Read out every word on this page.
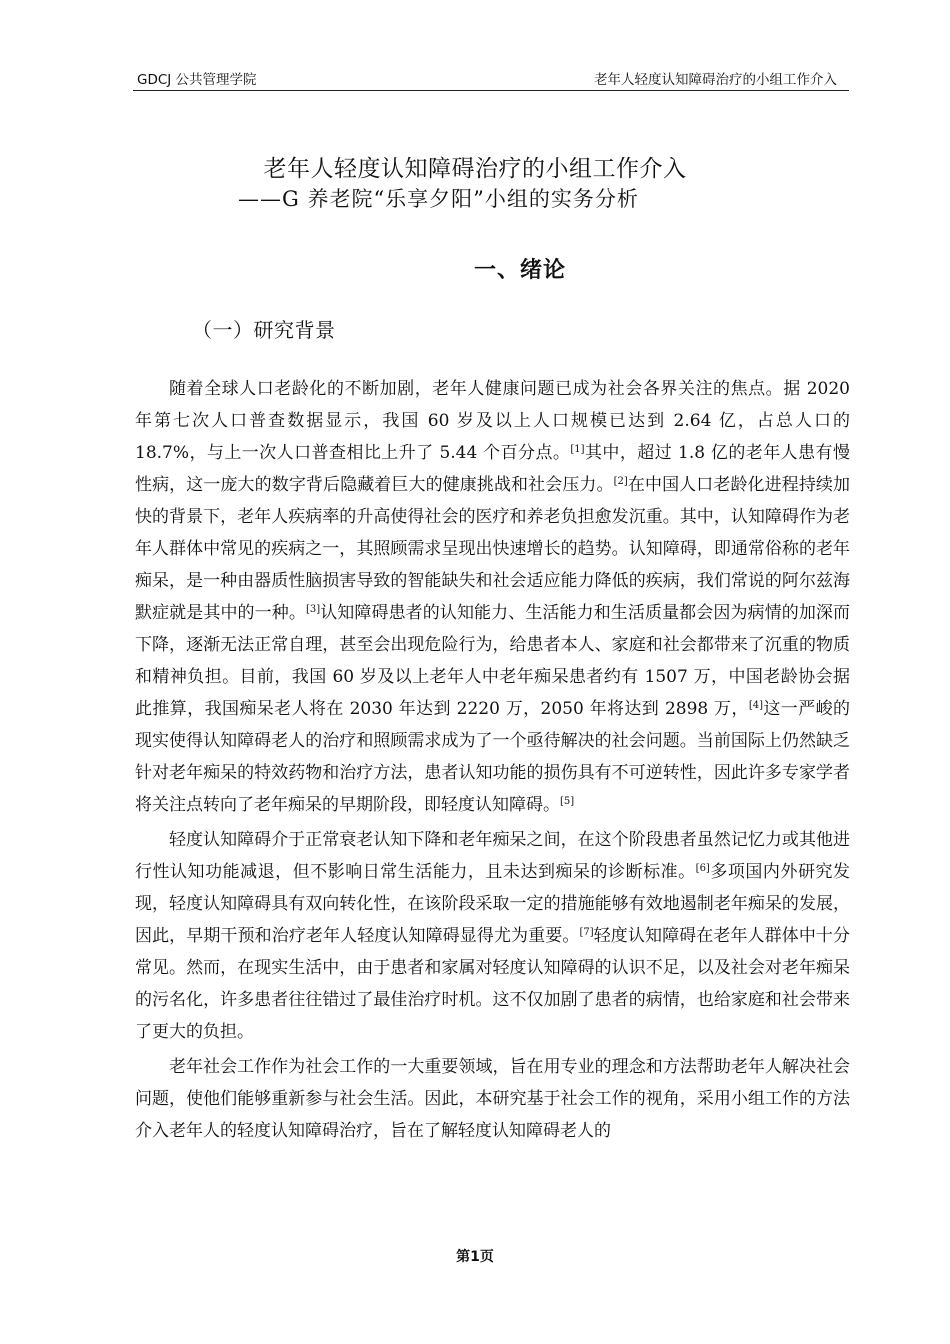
GDCJ 公共管理学院	老年人轻度认知障碍治疗的小组工作介入
老年人轻度认知障碍治疗的小组工作介入
——G 养老院“乐享夕阳”小组的实务分析
一、绪论
（一）研究背景

随着全球人口老龄化的不断加剧，老年人健康问题已成为社会各界关注的焦点。据 2020 年第七次人口普查数据显示，我国 60 岁及以上人口规模已达到 2.64 亿，占总人口的 18.7%，与上一次人口普查相比上升了 5.44 个百分点。[1]其中，超过 1.8 亿的老年人患有慢性病，这一庞大的数字背后隐藏着巨大的健康挑战和社会压力。[2]在中国人口老龄化进程持续加快的背景下，老年人疾病率的升高使得社会的医疗和养老负担愈发沉重。其中，认知障碍作为老年人群体中常见的疾病之一，其照顾需求呈现出快速增长的趋势。认知障碍，即通常俗称的老年痴呆，是一种由器质性脑损害导致的智能缺失和社会适应能力降低的疾病，我们常说的阿尔兹海默症就是其中的一种。[3]认知障碍患者的认知能力、生活能力和生活质量都会因为病情的加深而下降，逐渐无法正常自理，甚至会出现危险行为，给患者本人、家庭和社会都带来了沉重的物质和精神负担。目前，我国 60 岁及以上老年人中老年痴呆患者约有 1507 万，中国老龄协会据此推算，我国痴呆老人将在 2030 年达到 2220 万，2050 年将达到 2898 万，[4]这一严峻的现实使得认知障碍老人的治疗和照顾需求成为了一个亟待解决的社会问题。当前国际上仍然缺乏针对老年痴呆的特效药物和治疗方法，患者认知功能的损伤具有不可逆转性，因此许多专家学者将关注点转向了老年痴呆的早期阶段，即轻度认知障碍。[5]

轻度认知障碍介于正常衰老认知下降和老年痴呆之间，在这个阶段患者虽然记忆力或其他进行性认知功能减退，但不影响日常生活能力，且未达到痴呆的诊断标准。[6]多项国内外研究发现，轻度认知障碍具有双向转化性，在该阶段采取一定的措施能够有效地遏制老年痴呆的发展，因此，早期干预和治疗老年人轻度认知障碍显得尤为重要。[7]轻度认知障碍在老年人群体中十分常见。然而，在现实生活中，由于患者和家属对轻度认知障碍的认识不足，以及社会对老年痴呆的污名化，许多患者往往错过了最佳治疗时机。这不仅加剧了患者的病情，也给家庭和社会带来了更大的负担。

老年社会工作作为社会工作的一大重要领域，旨在用专业的理念和方法帮助老年人解决社会问题，使他们能够重新参与社会生活。因此，本研究基于社会工作的视角，采用小组工作的方法介入老年人的轻度认知障碍治疗，旨在了解轻度认知障碍老人的

第1页
